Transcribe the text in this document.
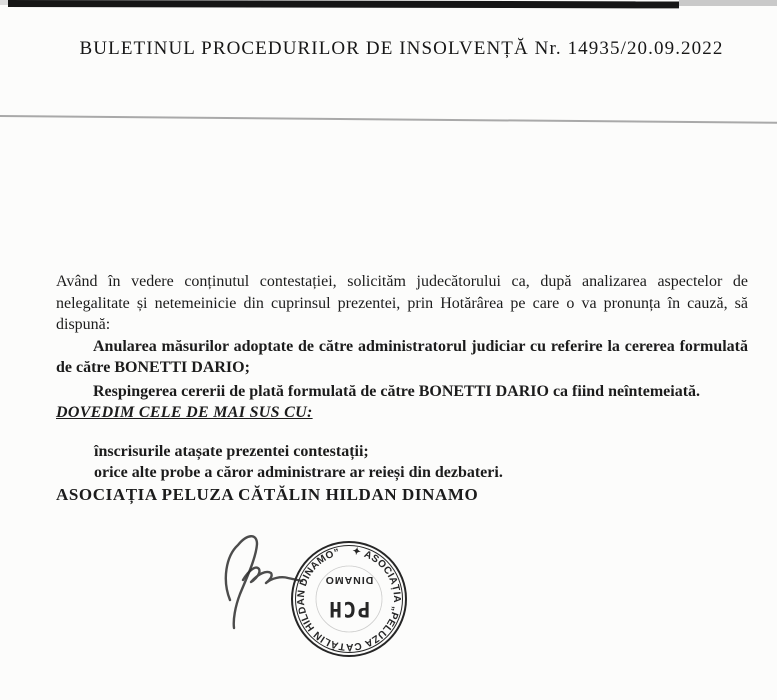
BULETINUL PROCEDURILOR DE INSOLVENȚĂ Nr. 14935/20.09.2022

Având în vedere conținutul contestației, solicităm judecătorului ca, după analizarea aspectelor de nelegalitate și netemeinicie din cuprinsul prezentei, prin Hotărârea pe care o va pronunța în cauză, să dispună:

Anularea măsurilor adoptate de către administratorul judiciar cu referire la cererea formulată de către BONETTI DARIO;

Respingerea cererii de plată formulată de către BONETTI DARIO ca fiind neîntemeiată.

DOVEDIM CELE DE MAI SUS CU:

înscrisurile atașate prezentei contestații;

orice alte probe a căror administrare ar reieși din dezbateri.

ASOCIAȚIA PELUZA CĂTĂLIN HILDAN DINAMO

✦ ASOCIAȚIA „PELUZA CĂTĂLIN HILDAN DINAMO”
DINAMO
PCH
